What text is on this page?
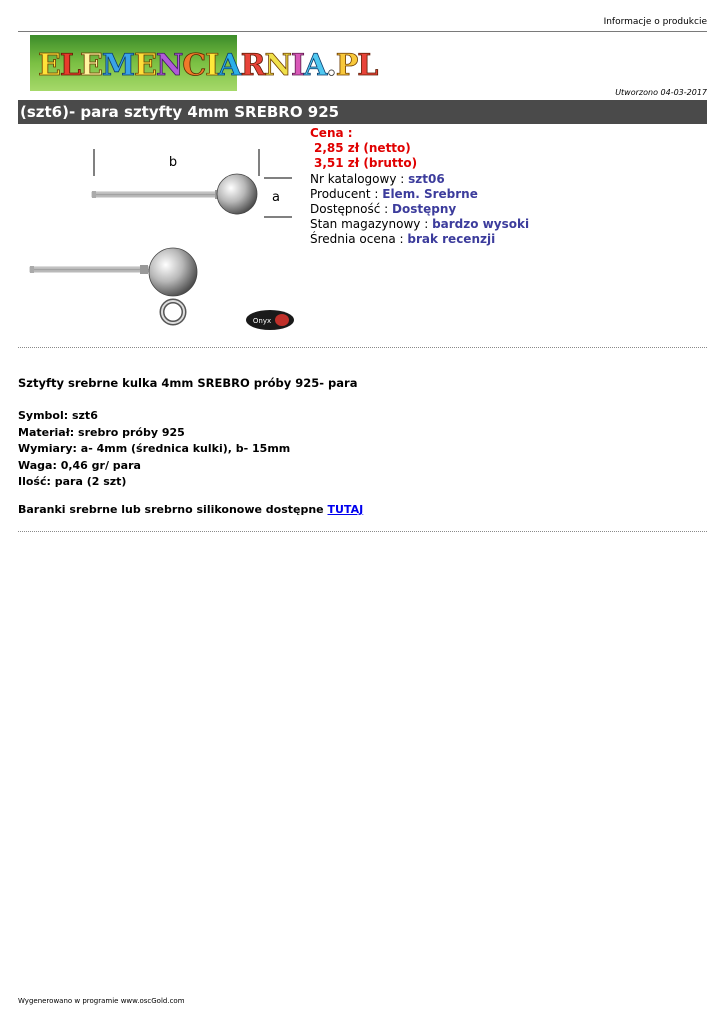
Informacje o produkcie
ELEMENCIARNIA.PL
Utworzono 04-03-2017
(szt6)- para sztyfty 4mm SREBRO 925
b
a
Onyx
Cena :
2,85 zł (netto)
3,51 zł (brutto)
Nr katalogowy : szt06
Producent : Elem. Srebrne
Dostępność : Dostępny
Stan magazynowy : bardzo wysoki
Średnia ocena : brak recenzji
Sztyfty srebrne kulka 4mm SREBRO próby 925- para
Symbol: szt6
Materiał: srebro próby 925
Wymiary: a- 4mm (średnica kulki), b- 15mm
Waga: 0,46 gr/ para
Ilość: para (2 szt)
Baranki srebrne lub srebrno silikonowe dostępne TUTAJ
Wygenerowano w programie www.oscGold.com
